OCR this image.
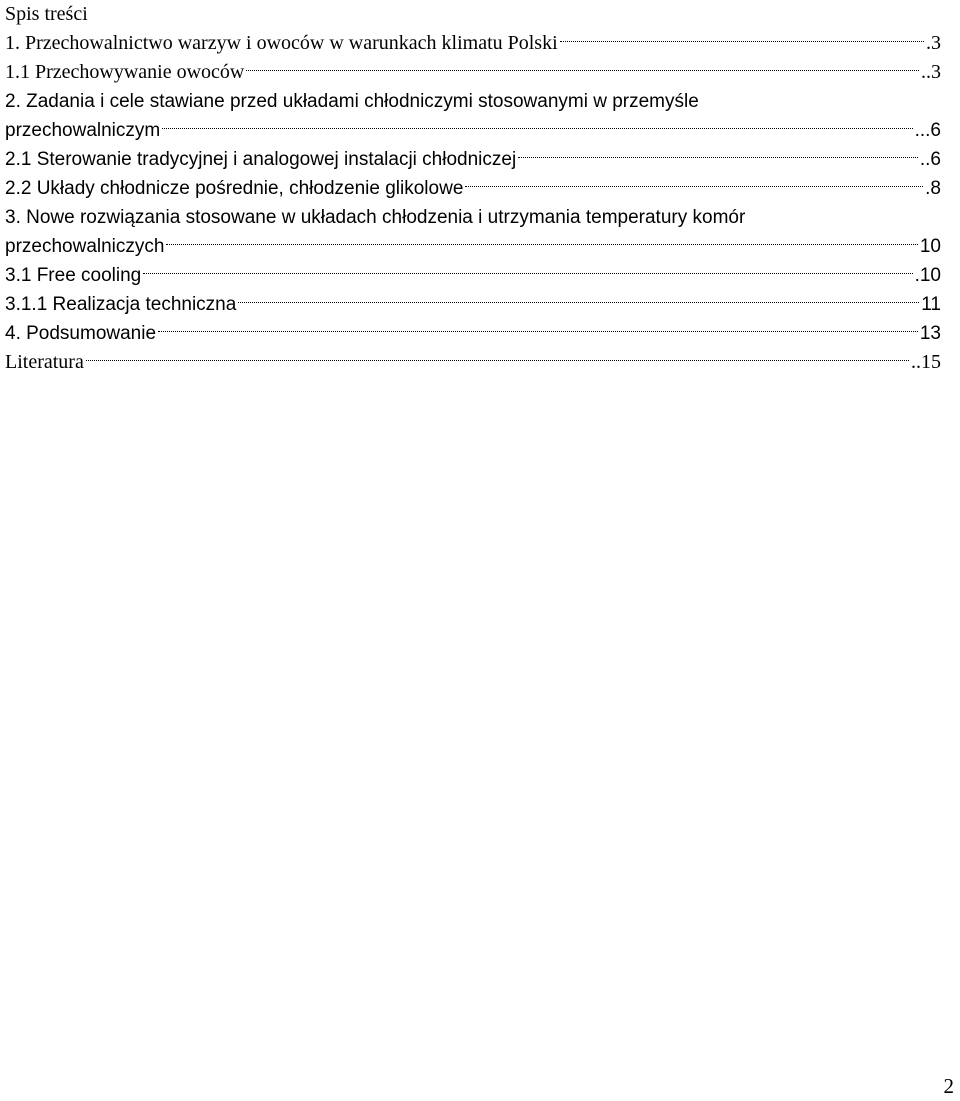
Spis treści
1. Przechowalnictwo warzyw i owoców w warunkach klimatu Polski	.3
1.1 Przechowywanie owoców	..3
2. Zadania i cele stawiane przed układami chłodniczymi stosowanymi w przemyśle
przechowalniczym	...6
2.1 Sterowanie tradycyjnej i analogowej instalacji chłodniczej	..6
2.2 Układy chłodnicze pośrednie, chłodzenie glikolowe	.8
3. Nowe rozwiązania stosowane w układach chłodzenia i utrzymania temperatury komór
przechowalniczych	10
3.1 Free cooling	.10
3.1.1 Realizacja techniczna	11
4. Podsumowanie	13
Literatura	..15
2
